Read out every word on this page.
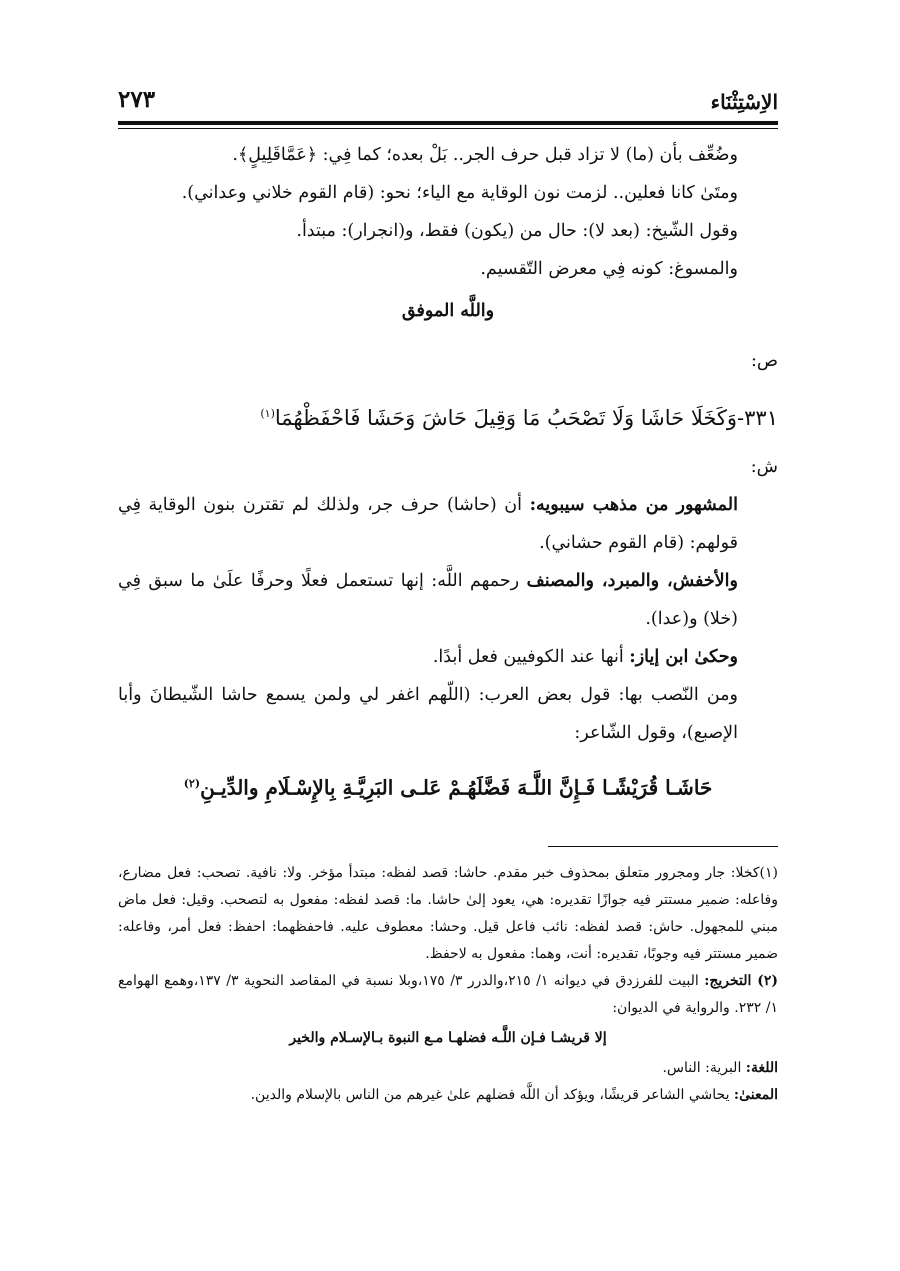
الاِسْتِثْنَاء
٢٧٣

وضُعِّف بأن (ما) لا تزاد قبل حرف الجر.. بَلْ بعده؛ كما فِي: ﴿عَمَّاقَلِيلٍ﴾.

ومتَىٰ كانا فعلين.. لزمت نون الوقاية مع الياء؛ نحو: (قام القوم خلاني وعداني).

وقول الشّيخ: (بعد لا): حال من (يكون) فقط، و(انجرار): مبتدأ.

والمسوغ: كونه فِي معرض التّقسيم.

واللَّه الموفق

ص:

٣٣١-وَكَخَلَا حَاشَا وَلَا تَصْحَبُ مَا وَقِيلَ حَاشَ وَحَشَا فَاحْفَظْهُمَا$^{(١)}$

ش:

المشهور من مذهب سيبويه: أن (حاشا) حرف جر، ولذلك لم تقترن بنون الوقاية فِي قولهم: (قام القوم حشاني).

والأخفش، والمبرد، والمصنف رحمهم اللَّه: إنها تستعمل فعلًا وحرفًا علَىٰ ما سبق فِي (خلا) و(عدا).

وحكىٰ ابن إياز: أنها عند الكوفيين فعل أبدًا.

ومن النّصب بها: قول بعض العرب: (اللّهم اغفر لي ولمن يسمع حاشا الشّيطانَ وأبا الإصبع)، وقول الشّاعر:

حَاشَـا قُرَيْشًـا فَـإِنَّ اللَّـهَ فَضَّلَهُـمْ عَلـى البَرِيَّـةِ بِالإِسْـلَامِ والدِّيـنِ$^{(٢)}$

(١)كخلا: جار ومجرور متعلق بمحذوف خبر مقدم. حاشا: قصد لفظه: مبتدأ مؤخر. ولا: نافية. تصحب: فعل مضارع، وفاعله: ضمير مستتر فيه جوازًا تقديره: هي، يعود إلىٰ حاشا. ما: قصد لفظه: مفعول به لتصحب. وقيل: فعل ماض مبني للمجهول. حاش: قصد لفظه: نائب فاعل قيل. وحشا: معطوف عليه. فاحفظهما: احفظ: فعل أمر، وفاعله: ضمير مستتر فيه وجوبًا، تقديره: أنت، وهما: مفعول به لاحفظ.

(٢) التخريج: البيت للفرزدق في ديوانه ١/ ٢١٥،والدرر ٣/ ١٧٥،وبلا نسبة في المقاصد النحوية ٣/ ١٣٧،وهمع الهوامع ١/ ٢٣٢. والرواية في الديوان:

إلا قريشـا فـإن اللَّـه فضلهـا مـع النبوة بـالإسـلام والخير

اللغة: البرية: الناس.

المعنىٰ: يحاشي الشاعر قريشًا، ويؤكد أن اللَّه فضلهم علىٰ غيرهم من الناس بالإسلام والدين.
